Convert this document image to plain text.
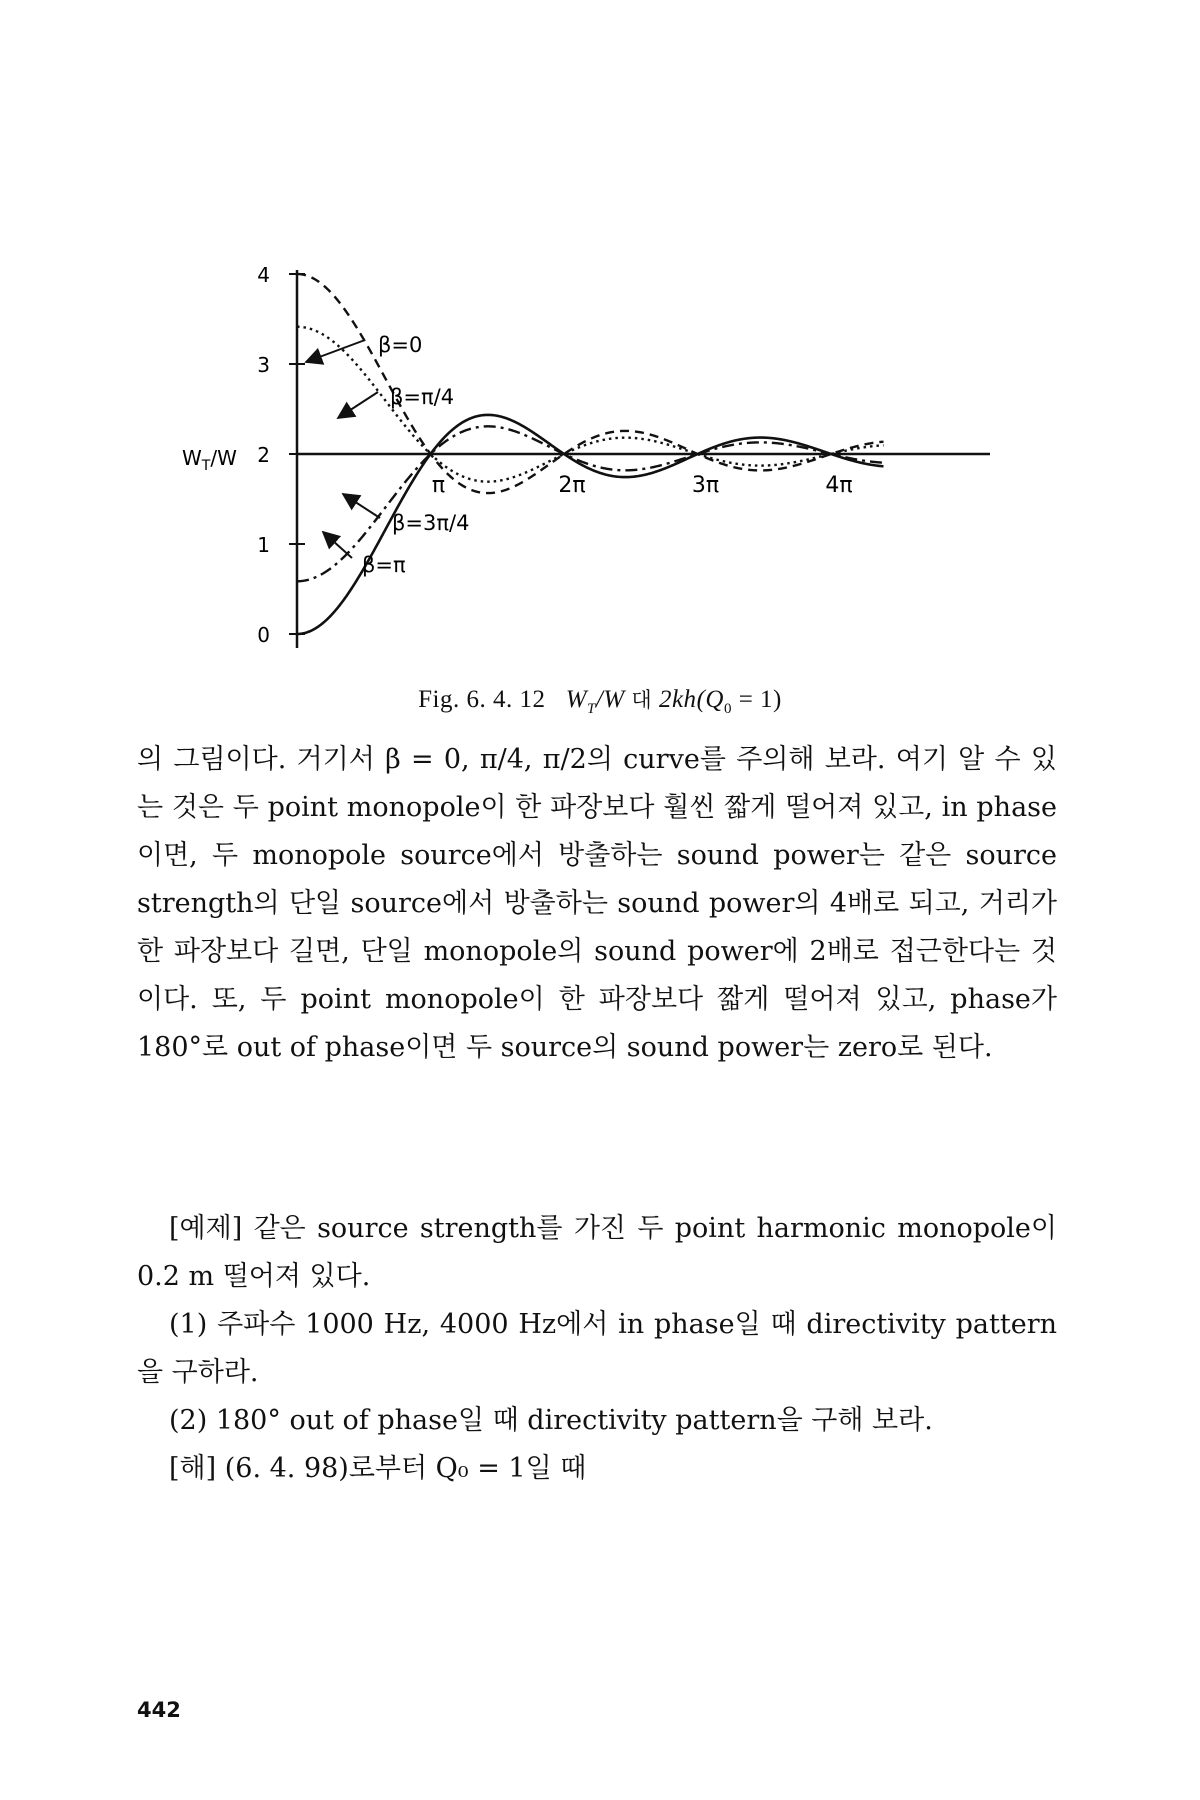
$W_T/W$
0
1
2
3
4
π	2π	3π	4π
β=0
β=π/4
β=3π/4
β=π
Fig. 6. 4. 12 $W_T/W$ 대 $2kh(Q_0 = 1)$

의 그림이다. 거기서 β = 0, π/4, π/2의 curve를 주의해 보라. 여기 알 수 있는 것은 두 point monopole이 한 파장보다 훨씬 짧게 떨어져 있고, in phase이면, 두 monopole source에서 방출하는 sound power는 같은 source strength의 단일 source에서 방출하는 sound power의 4배로 되고, 거리가 한 파장보다 길면, 단일 monopole의 sound power에 2배로 접근한다는 것이다. 또, 두 point monopole이 한 파장보다 짧게 떨어져 있고, phase가 180°로 out of phase이면 두 source의 sound power는 zero로 된다.

[예제] 같은 source strength를 가진 두 point harmonic monopole이 0.2 m 떨어져 있다.

(1) 주파수 1000 Hz, 4000 Hz에서 in phase일 때 directivity pattern을 구하라.

(2) 180° out of phase일 때 directivity pattern을 구해 보라.

[해] (6. 4. 98)로부터 Q₀ = 1일 때

442
